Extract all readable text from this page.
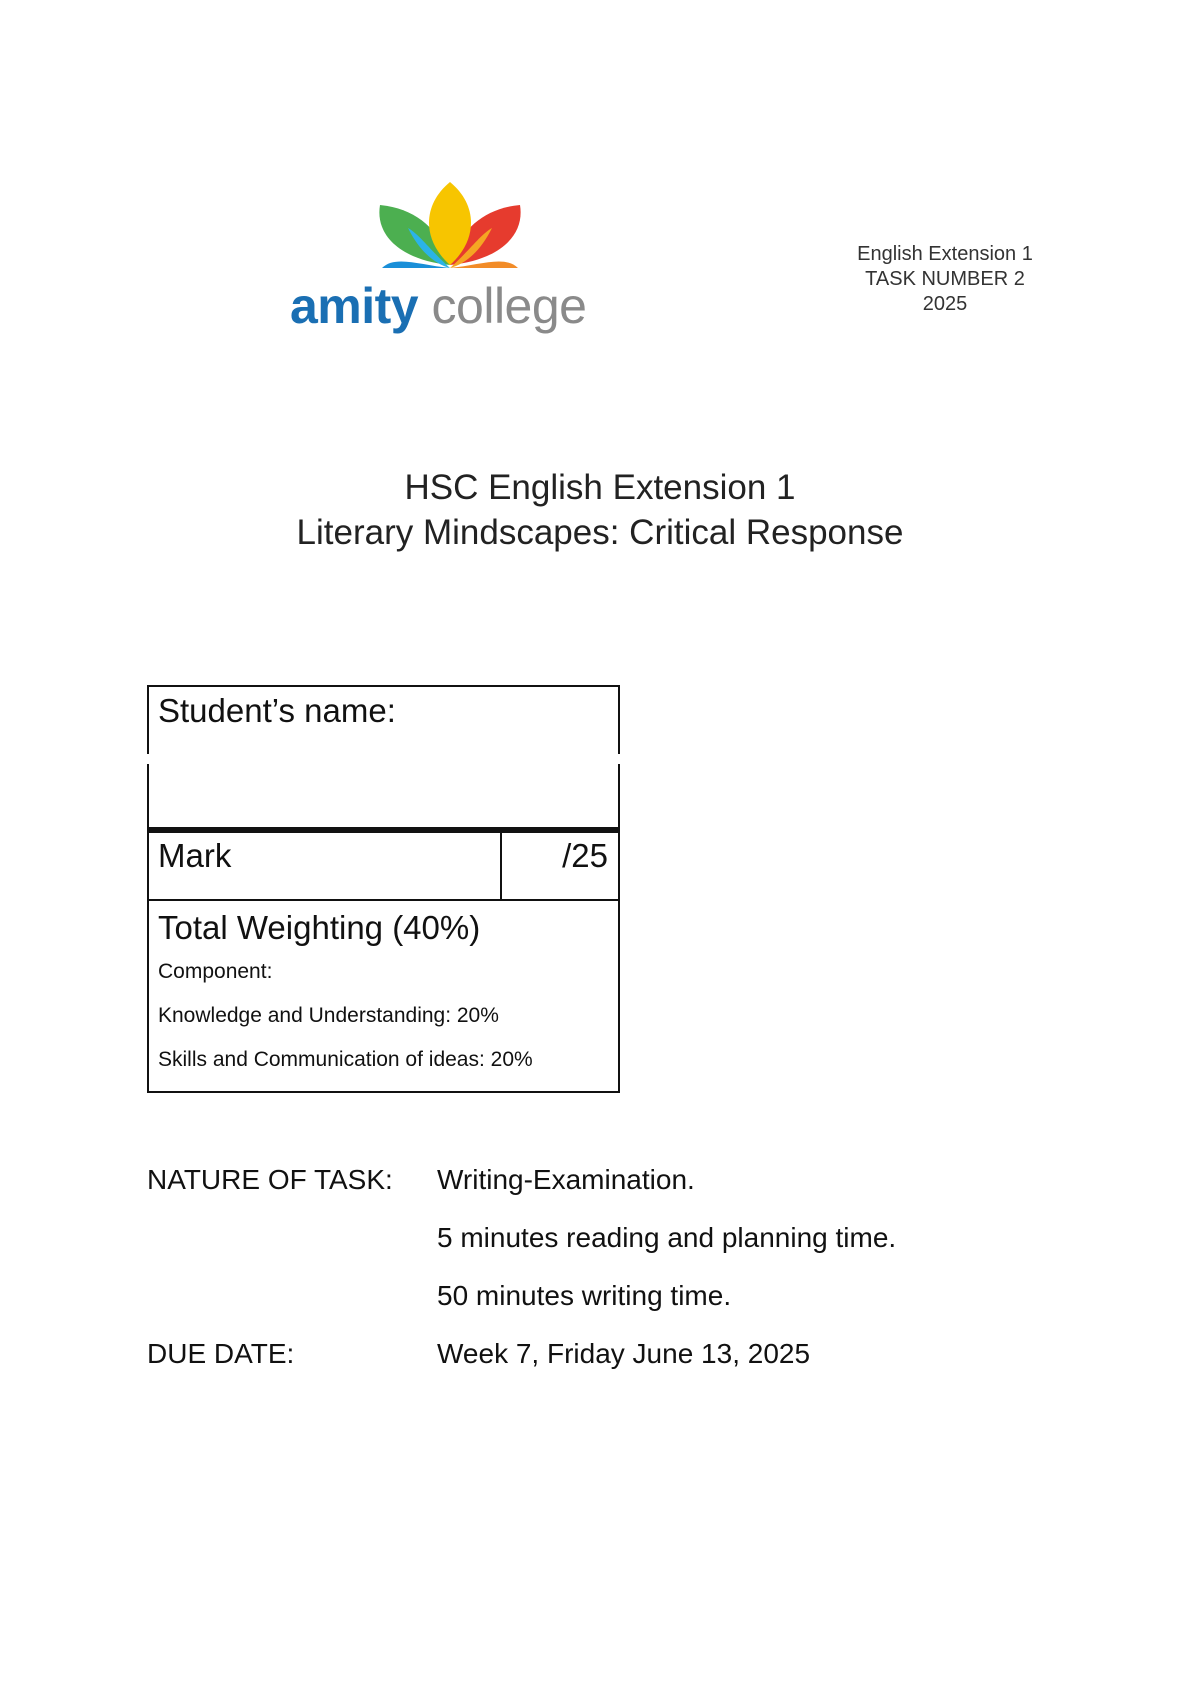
amity college
English Extension 1
TASK NUMBER 2
2025
HSC English Extension 1
Literary Mindscapes: Critical Response
Student’s name:
Mark	/25
Total Weighting (40%)
Component:
Knowledge and Understanding: 20%
Skills and Communication of ideas: 20%
NATURE OF TASK:	Writing-Examination.
5 minutes reading and planning time.
50 minutes writing time.
DUE DATE:	Week 7, Friday June 13, 2025
